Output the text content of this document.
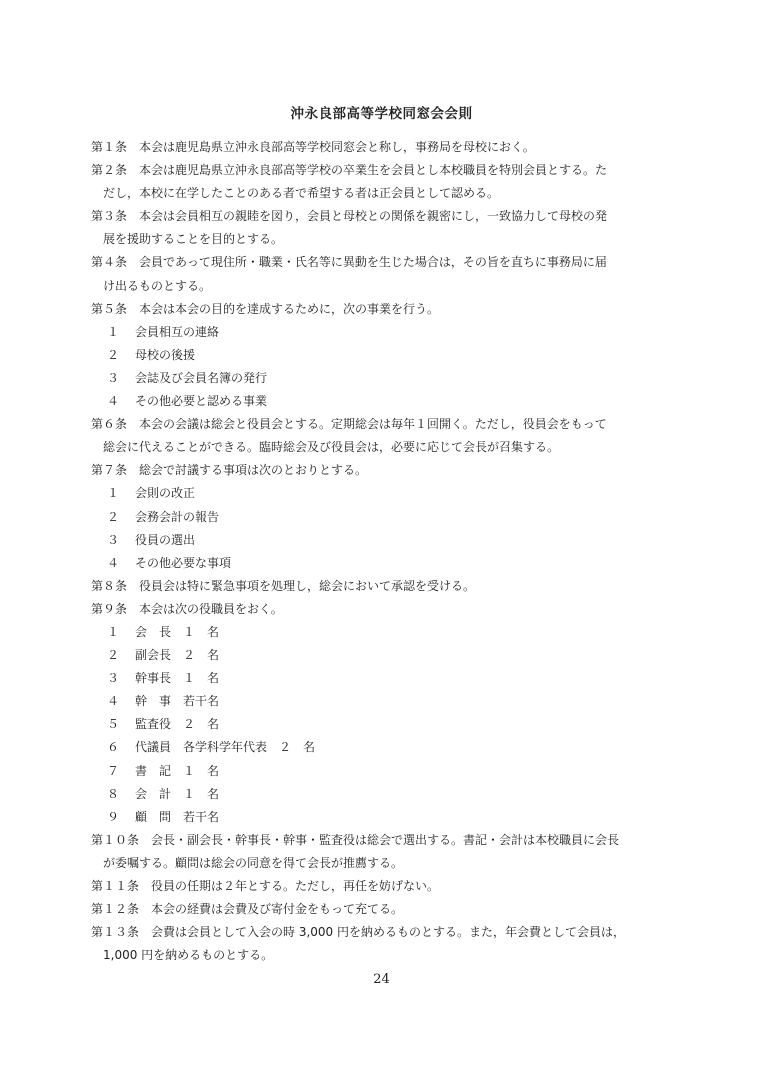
沖永良部高等学校同窓会会則
第１条　本会は鹿児島県立沖永良部高等学校同窓会と称し，事務局を母校におく。
第２条　本会は鹿児島県立沖永良部高等学校の卒業生を会員とし本校職員を特別会員とする。た
だし，本校に在学したことのある者で希望する者は正会員として認める。
第３条　本会は会員相互の親睦を図り，会員と母校との関係を親密にし，一致協力して母校の発
展を援助することを目的とする。
第４条　会員であって現住所・職業・氏名等に異動を生じた場合は，その旨を直ちに事務局に届
け出るものとする。
第５条　本会は本会の目的を達成するために，次の事業を行う。
１ 会員相互の連絡
２ 母校の後援
３ 会誌及び会員名簿の発行
４ その他必要と認める事業
第６条　本会の会議は総会と役員会とする。定期総会は毎年１回開く。ただし，役員会をもって
総会に代えることができる。臨時総会及び役員会は，必要に応じて会長が召集する。
第７条　総会で討議する事項は次のとおりとする。
１ 会則の改正
２ 会務会計の報告
３ 役員の選出
４ その他必要な事項
第８条　役員会は特に緊急事項を処理し，総会において承認を受ける。
第９条　本会は次の役職員をおく。
１ 会　長　１　名
２ 副会長　２　名
３ 幹事長　１　名
４ 幹　事　若干名
５ 監査役　２　名
６ 代議員　各学科学年代表　２　名
７ 書　記　１　名
８ 会　計　１　名
９ 顧　問　若干名
第１０条　会長・副会長・幹事長・幹事・監査役は総会で選出する。書記・会計は本校職員に会長
が委嘱する。顧問は総会の同意を得て会長が推薦する。
第１１条　役員の任期は２年とする。ただし，再任を妨げない。
第１２条　本会の経費は会費及び寄付金をもって充てる。
第１３条　会費は会員として入会の時 3,000 円を納めるものとする。また，年会費として会員は，
1,000 円を納めるものとする。
24
